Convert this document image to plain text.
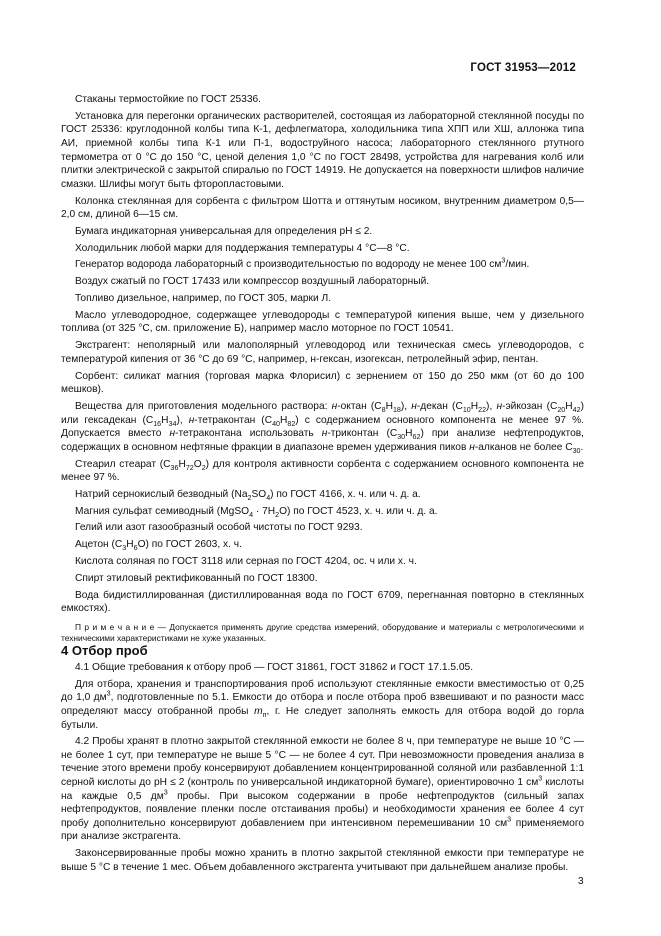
ГОСТ 31953—2012

Стаканы термостойкие по ГОСТ 25336.

Установка для перегонки органических растворителей, состоящая из лабораторной стеклянной посуды по ГОСТ 25336: круглодонной колбы типа К-1, дефлегматора, холодильника типа ХПП или ХШ, аллонжа типа АИ, приемной колбы типа К-1 или П-1, водоструйного насоса; лабораторного стеклянного ртутного термометра от 0 °С до 150 °С, ценой деления 1,0 °С по ГОСТ 28498, устройства для нагревания колб или плитки электрической с закрытой спиралью по ГОСТ 14919. Не допускается на поверхности шлифов наличие смазки. Шлифы могут быть фторопластовыми.

Колонка стеклянная для сорбента с фильтром Шотта и оттянутым носиком, внутренним диаметром 0,5—2,0 см, длиной 6—15 см.

Бумага индикаторная универсальная для определения рН ≤ 2.

Холодильник любой марки для поддержания температуры 4 °С—8 °С.

Генератор водорода лабораторный с производительностью по водороду не менее 100 $см^3$/мин.

Воздух сжатый по ГОСТ 17433 или компрессор воздушный лабораторный.

Топливо дизельное, например, по ГОСТ 305, марки Л.

Масло углеводородное, содержащее углеводороды с температурой кипения выше, чем у дизельного топлива (от 325 °С, см. приложение Б), например масло моторное по ГОСТ 10541.

Экстрагент: неполярный или малополярный углеводород или техническая смесь углеводородов, с температурой кипения от 36 °С до 69 °С, например, н-гексан, изогексан, петролейный эфир, пентан.

Сорбент: силикат магния (торговая марка Флорисил) с зернением от 150 до 250 мкм (от 60 до 100 мешков).

Вещества для приготовления модельного раствора: н-октан $(С_8Н_{18})$, н-декан $(С_{10}Н_{22})$, н-эйкозан $(С_{20}Н_{42})$ или гексадекан $(С_{16}Н_{34})$, н-тетраконтан $(С_{40}Н_{82})$ с содержанием основного компонента не менее 97 %. Допускается вместо н-тетраконтана использовать н-триконтан $(С_{30}Н_{62})$ при анализе нефтепродуктов, содержащих в основном нефтяные фракции в диапазоне времен удерживания пиков н-алканов не более $С_{30}$.

Стеарил стеарат $(С_{36}Н_{72}О_2)$ для контроля активности сорбента с содержанием основного компонента не менее 97 %.

Натрий сернокислый безводный $(Na_2SO_4)$ по ГОСТ 4166, х. ч. или ч. д. а.

Магния сульфат семиводный (MgSO$_4$ · $7H_2O$) по ГОСТ 4523, х. ч. или ч. д. а.

Гелий или азот газообразный особой чистоты по ГОСТ 9293.

Ацетон $(С_3Н_6О)$ по ГОСТ 2603, х. ч.

Кислота соляная по ГОСТ 3118 или серная по ГОСТ 4204, ос. ч или х. ч.

Спирт этиловый ректификованный по ГОСТ 18300.

Вода бидистиллированная (дистиллированная вода по ГОСТ 6709, перегнанная повторно в стеклянных емкостях).

П р и м е ч а н и е — Допускается применять другие средства измерений, оборудование и материалы с метрологическими и техническими характеристиками не хуже указанных.

4 Отбор проб

4.1 Общие требования к отбору проб — ГОСТ 31861, ГОСТ 31862 и ГОСТ 17.1.5.05.

Для отбора, хранения и транспортирования проб используют стеклянные емкости вместимостью от 0,25 до 1,0 $дм^3$, подготовленные по 5.1. Емкости до отбора и после отбора проб взвешивают и по разности масс определяют массу отобранной пробы $m_п$, г. Не следует заполнять емкость для отбора водой до горла бутыли.

4.2 Пробы хранят в плотно закрытой стеклянной емкости не более 8 ч, при температуре не выше 10 °С — не более 1 сут, при температуре не выше 5 °С — не более 4 сут. При невозможности проведения анализа в течение этого времени пробу консервируют добавлением концентрированной соляной или разбавленной 1:1 серной кислоты до рН ≤ 2 (контроль по универсальной индикаторной бумаге), ориентировочно 1 $см^3$ кислоты на каждые 0,5 $дм^3$ пробы. При высоком содержании в пробе нефтепродуктов (сильный запах нефтепродуктов, появление пленки после отстаивания пробы) и необходимости хранения ее более 4 сут пробу дополнительно консервируют добавлением при интенсивном перемешивании 10 $см^3$ применяемого при анализе экстрагента.

Законсервированные пробы можно хранить в плотно закрытой стеклянной емкости при температуре не выше 5 °С в течение 1 мес. Объем добавленного экстрагента учитывают при дальнейшем анализе пробы.

3
